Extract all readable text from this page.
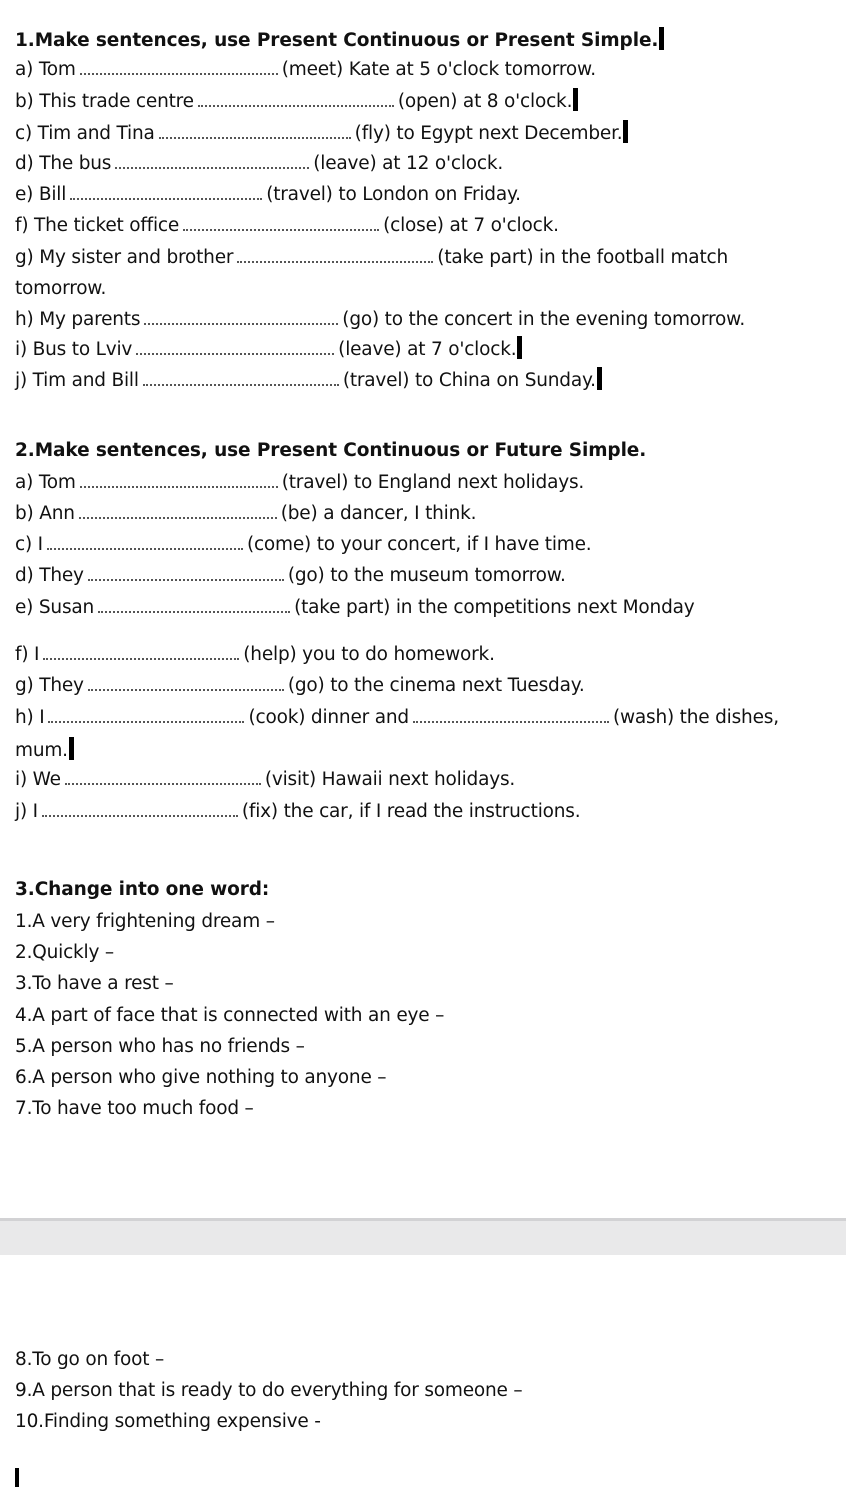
1.Make sentences, use Present Continuous or Present Simple.
a) Tom	(meet) Kate at 5 o'clock tomorrow.
b) This trade centre	(open) at 8 o'clock.
c) Tim and Tina	(fly) to Egypt next December.
d) The bus	(leave) at 12 o'clock.
e) Bill	(travel) to London on Friday.
f) The ticket office	(close) at 7 o'clock.
g) My sister and brother	(take part) in the football match
tomorrow.
h) My parents	(go) to the concert in the evening tomorrow.
i) Bus to Lviv	(leave) at 7 o'clock.
j) Tim and Bill	(travel) to China on Sunday.
2.Make sentences, use Present Continuous or Future Simple.
a) Tom	(travel) to England next holidays.
b) Ann	(be) a dancer, I think.
c) I	(come) to your concert, if I have time.
d) They	(go) to the museum tomorrow.
e) Susan	(take part) in the competitions next Monday
f) I	(help) you to do homework.
g) They	(go) to the cinema next Tuesday.
h) I	(cook) dinner and	(wash) the dishes,
mum.
i) We	(visit) Hawaii next holidays.
j) I	(fix) the car, if I read the instructions.
3.Change into one word:
1.A very frightening dream –
2.Quickly –
3.To have a rest –
4.A part of face that is connected with an eye –
5.A person who has no friends –
6.A person who give nothing to anyone –
7.To have too much food –
8.To go on foot –
9.A person that is ready to do everything for someone –
10.Finding something expensive -
